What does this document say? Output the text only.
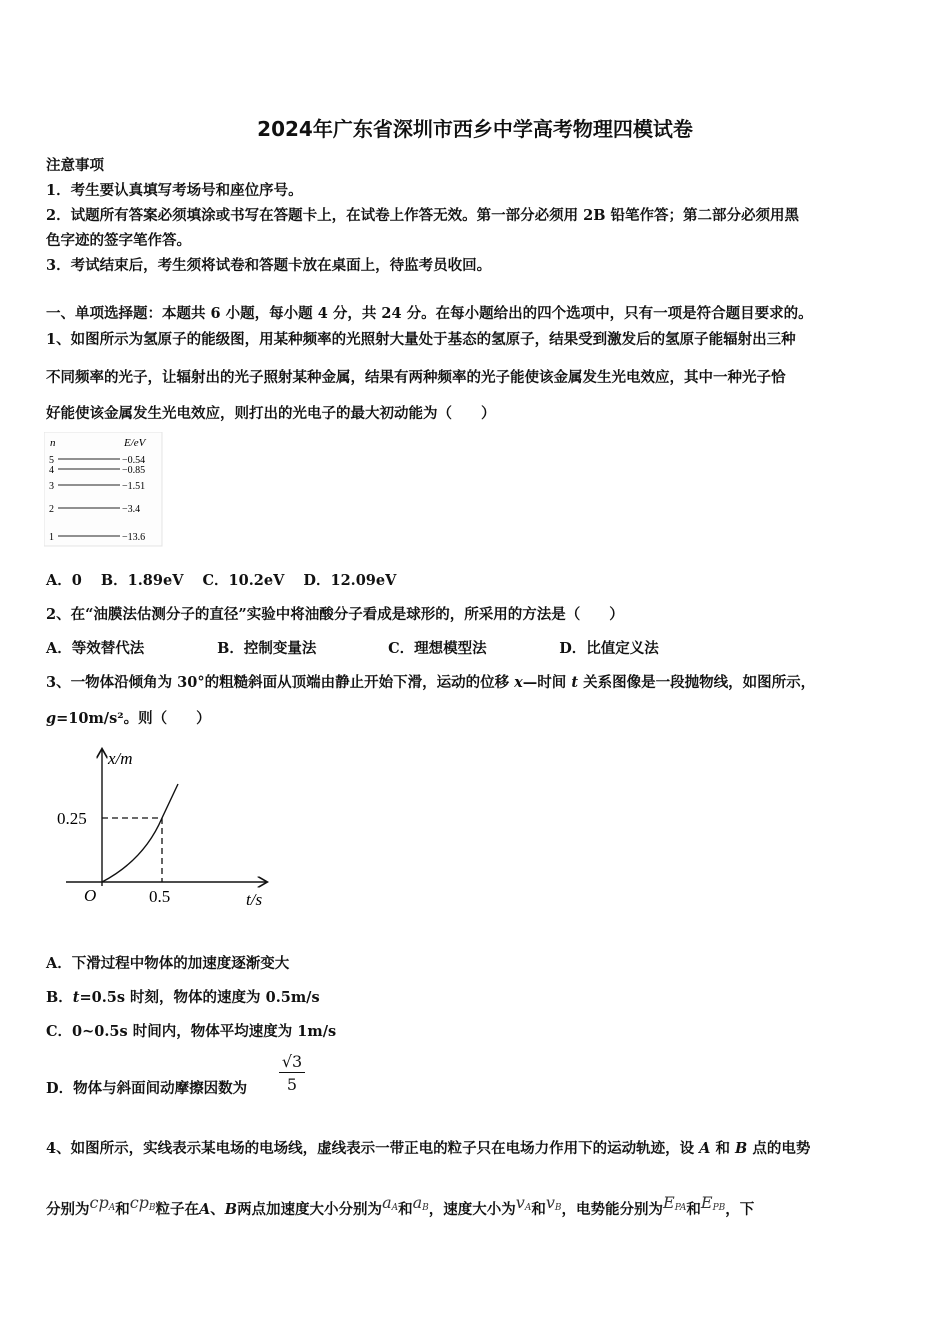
2024年广东省深圳市西乡中学高考物理四模试卷
注意事项
1．考生要认真填写考场号和座位序号。
2．试题所有答案必须填涂或书写在答题卡上，在试卷上作答无效。第一部分必须用 2B 铅笔作答；第二部分必须用黑
色字迹的签字笔作答。
3．考试结束后，考生须将试卷和答题卡放在桌面上，待监考员收回。
一、单项选择题：本题共 6 小题，每小题 4 分，共 24 分。在每小题给出的四个选项中，只有一项是符合题目要求的。
1、如图所示为氢原子的能级图，用某种频率的光照射大量处于基态的氢原子，结果受到激发后的氢原子能辐射出三种
不同频率的光子，让辐射出的光子照射某种金属，结果有两种频率的光子能使该金属发生光电效应，其中一种光子恰
好能使该金属发生光电效应，则打出的光电子的最大初动能为（　　）
n	E/eV
5	−0.54
4	−0.85
3	−1.51
2	−3.4
1	−13.6
A．0 B．1.89eV C．10.2eV D．12.09eV
2、在“油膜法估测分子的直径”实验中将油酸分子看成是球形的，所采用的方法是（　　）
A．等效替代法	B．控制变量法	C．理想模型法	D．比值定义法
3、一物体沿倾角为 30°的粗糙斜面从顶端由静止开始下滑，运动的位移 x—时间 t 关系图像是一段抛物线，如图所示，
g=10m/s²。则（　　）
x/m
t/s
O
0.25
0.5
A．下滑过程中物体的加速度逐渐变大
B．t=0.5s 时刻，物体的速度为 0.5m/s
C．0~0.5s 时间内，物体平均速度为 1m/s
D．物体与斜面间动摩擦因数为 $\frac{√3}{5}$
4、如图所示，实线表示某电场的电场线，虚线表示一带正电的粒子只在电场力作用下的运动轨迹，设 A 和 B 点的电势
分别为$cp_A$和$cp_B$粒子在A、B两点加速度大小分别为$a_A$和$a_B$，速度大小为$v_A$和$v_B$，电势能分别为$E_{PA}$和$E_{PB}$，下
